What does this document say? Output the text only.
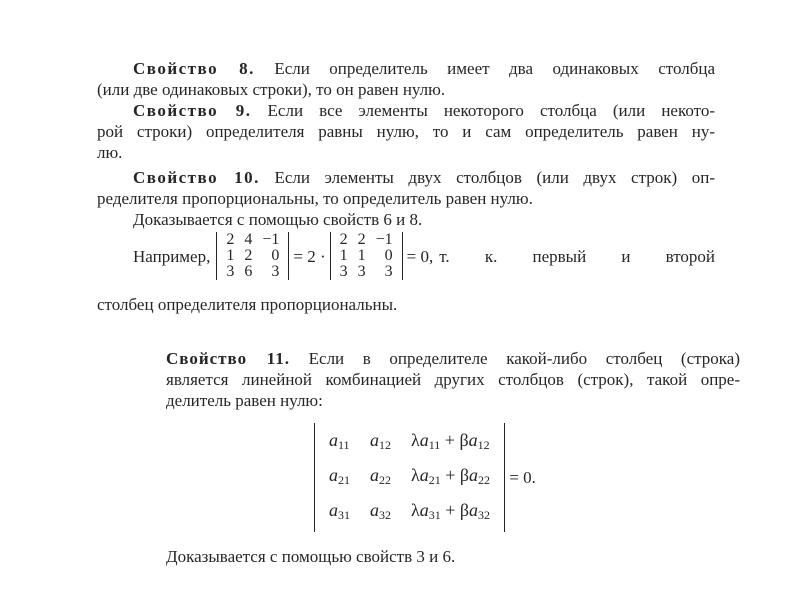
Свойство 8. Если определитель имеет два одинаковых столбца

(или две одинаковых строки), то он равен нулю.

Свойство 9. Если все элементы некоторого столбца (или некото-

рой строки) определителя равны нулю, то и сам определитель равен ну-

лю.

Свойство 10. Если элементы двух столбцов (или двух строк) оп-

ределителя пропорциональны, то определитель равен нулю.

Доказывается с помощью свойств 6 и 8.

Например,
2	4	−1
1	2	0
3	6	3
= 2 ·
2	2	−1
1	1	0
3	3	3
= 0, т. к. первый и второй

столбец определителя пропорциональны.

Свойство 11. Если в определителе какой-либо столбец (строка)

является линейной комбинацией других столбцов (строк), такой опре-

делитель равен нулю:

$a_{11}$	$a_{12}$	$\lambda a_{11} + \beta a_{12}$
$a_{21}$	$a_{22}$	$\lambda a_{21} + \beta a_{22}$
$a_{31}$	$a_{32}$	$\lambda a_{31} + \beta a_{32}$
= 0.

Доказывается с помощью свойств 3 и 6.
